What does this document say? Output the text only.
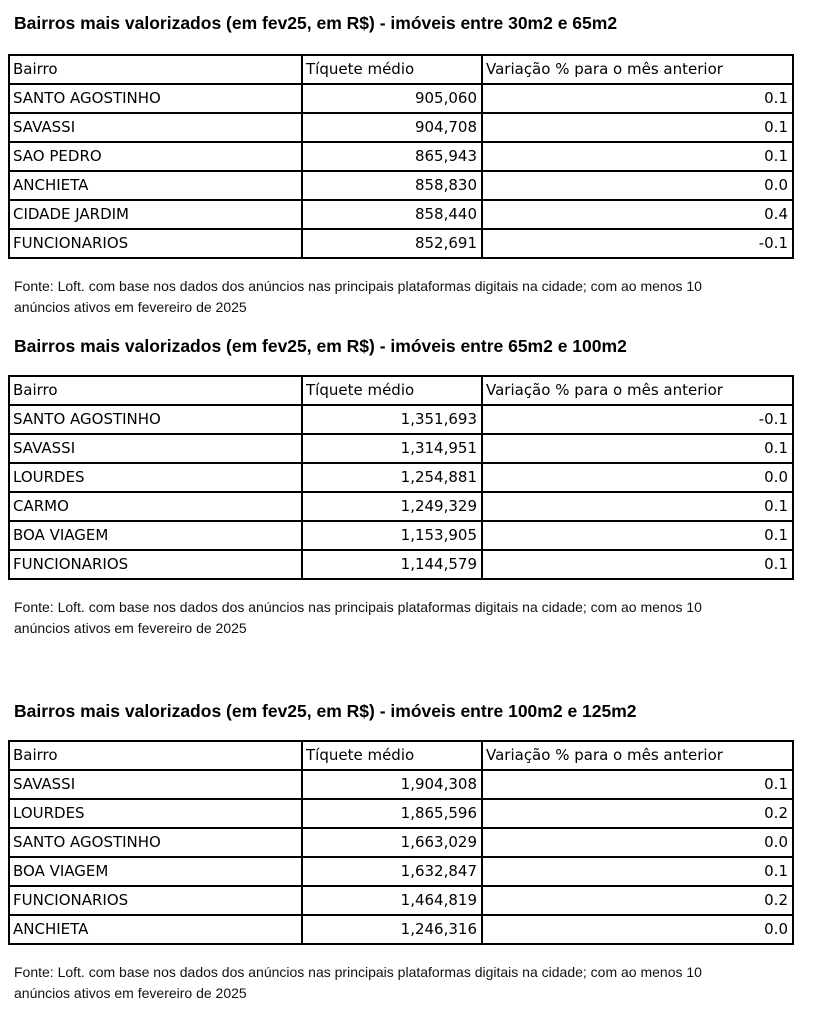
Bairros mais valorizados (em fev25, em R$) - imóveis entre 30m2 e 65m2
Bairro	Tíquete médio	Variação % para o mês anterior
SANTO AGOSTINHO	905,060	0.1
SAVASSI	904,708	0.1
SAO PEDRO	865,943	0.1
ANCHIETA	858,830	0.0
CIDADE JARDIM	858,440	0.4
FUNCIONARIOS	852,691	-0.1

Fonte: Loft. com base nos dados dos anúncios nas principais plataformas digitais na cidade; com ao menos 10
anúncios ativos em fevereiro de 2025

Bairros mais valorizados (em fev25, em R$) - imóveis entre 65m2 e 100m2
Bairro	Tíquete médio	Variação % para o mês anterior
SANTO AGOSTINHO	1,351,693	-0.1
SAVASSI	1,314,951	0.1
LOURDES	1,254,881	0.0
CARMO	1,249,329	0.1
BOA VIAGEM	1,153,905	0.1
FUNCIONARIOS	1,144,579	0.1

Fonte: Loft. com base nos dados dos anúncios nas principais plataformas digitais na cidade; com ao menos 10
anúncios ativos em fevereiro de 2025

Bairros mais valorizados (em fev25, em R$) - imóveis entre 100m2 e 125m2
Bairro	Tíquete médio	Variação % para o mês anterior
SAVASSI	1,904,308	0.1
LOURDES	1,865,596	0.2
SANTO AGOSTINHO	1,663,029	0.0
BOA VIAGEM	1,632,847	0.1
FUNCIONARIOS	1,464,819	0.2
ANCHIETA	1,246,316	0.0

Fonte: Loft. com base nos dados dos anúncios nas principais plataformas digitais na cidade; com ao menos 10
anúncios ativos em fevereiro de 2025
